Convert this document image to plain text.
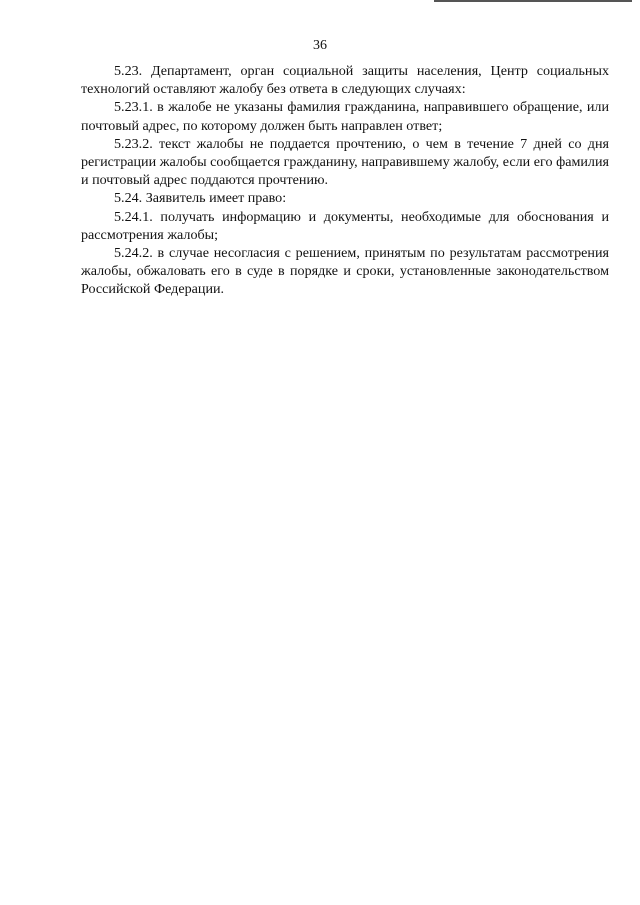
36

5.23. Департамент, орган социальной защиты населения, Центр социальных технологий оставляют жалобу без ответа в следующих случаях:

5.23.1. в жалобе не указаны фамилия гражданина, направившего обращение, или почтовый адрес, по которому должен быть направлен ответ;

5.23.2. текст жалобы не поддается прочтению, о чем в течение 7 дней со дня регистрации жалобы сообщается гражданину, направившему жалобу, если его фамилия и почтовый адрес поддаются прочтению.

5.24. Заявитель имеет право:

5.24.1. получать информацию и документы, необходимые для обоснования и рассмотрения жалобы;

5.24.2. в случае несогласия с решением, принятым по результатам рассмотрения жалобы, обжаловать его в суде в порядке и сроки, установленные законодательством Российской Федерации.
